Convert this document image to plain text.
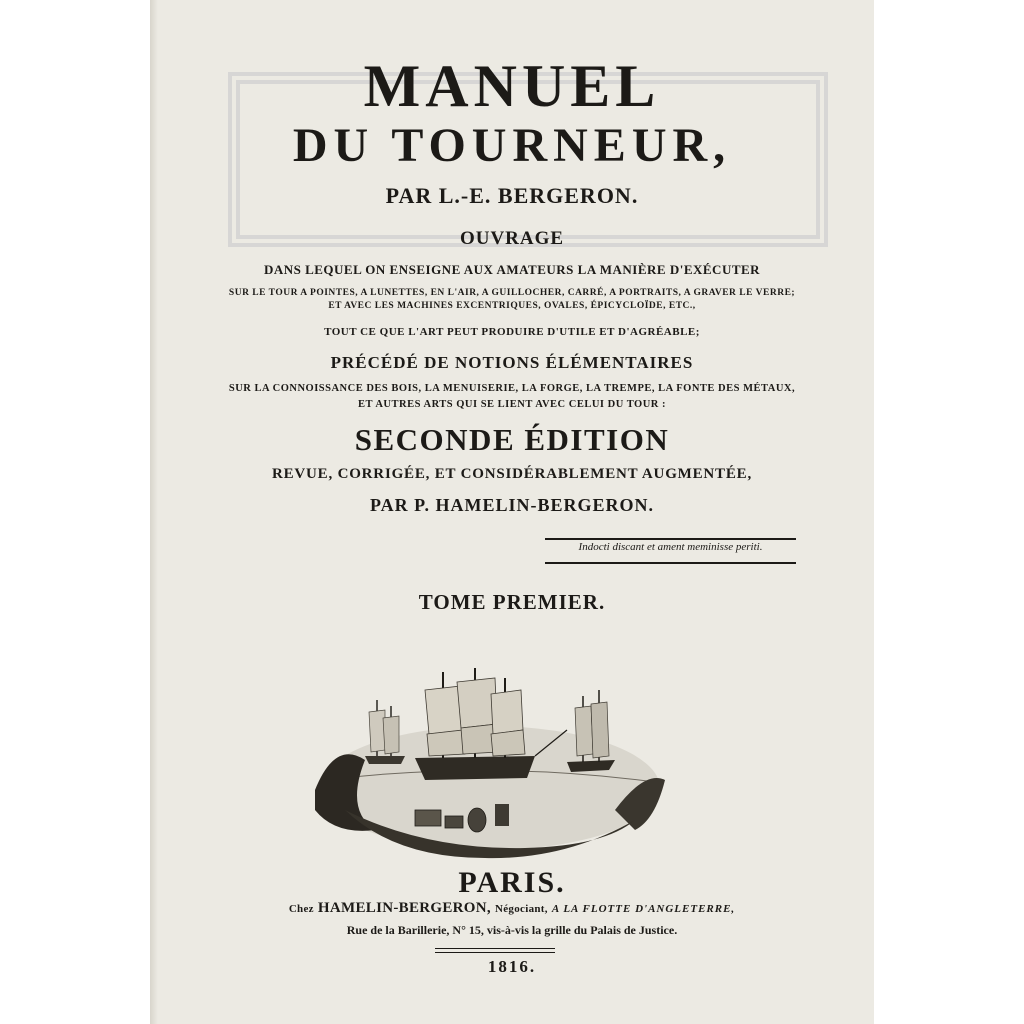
MANUEL
DU TOURNEUR,
PAR L.-E. BERGERON.
OUVRAGE
DANS LEQUEL ON ENSEIGNE AUX AMATEURS LA MANIÈRE D'EXÉCUTER
SUR LE TOUR A POINTES, A LUNETTES, EN L'AIR, A GUILLOCHER, CARRÉ, A PORTRAITS, A GRAVER LE VERRE;
ET AVEC LES MACHINES EXCENTRIQUES, OVALES, ÉPICYCLOÏDE, ETC.,
TOUT CE QUE L'ART PEUT PRODUIRE D'UTILE ET D'AGRÉABLE;
PRÉCÉDÉ DE NOTIONS ÉLÉMENTAIRES
SUR LA CONNOISSANCE DES BOIS, LA MENUISERIE, LA FORGE, LA TREMPE, LA FONTE DES MÉTAUX,
ET AUTRES ARTS QUI SE LIENT AVEC CELUI DU TOUR :
SECONDE ÉDITION
REVUE, CORRIGÉE, ET CONSIDÉRABLEMENT AUGMENTÉE,
PAR P. HAMELIN-BERGERON.
Indocti discant et ament meminisse periti.
TOME PREMIER.
PARIS.
Chez HAMELIN-BERGERON, Négociant, A LA FLOTTE D'ANGLETERRE,
Rue de la Barillerie, N° 15, vis-à-vis la grille du Palais de Justice.
1816.
